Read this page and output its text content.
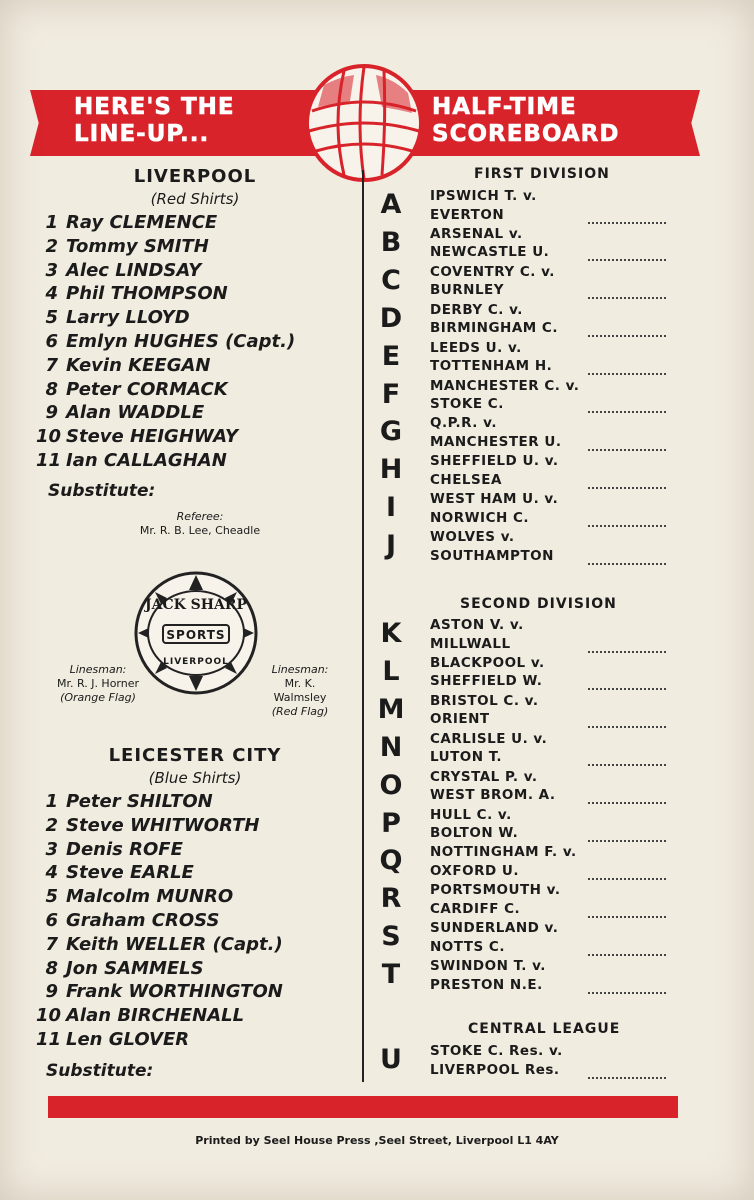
HERE'S THE
LINE-UP...
HALF-TIME
SCOREBOARD
LIVERPOOL
(Red Shirts)
1 Ray CLEMENCE
2 Tommy SMITH
3 Alec LINDSAY
4 Phil THOMPSON
5 Larry LLOYD
6 Emlyn HUGHES (Capt.)
7 Kevin KEEGAN
8 Peter CORMACK
9 Alan WADDLE
10 Steve HEIGHWAY
11 Ian CALLAGHAN
Substitute:
Referee:
Mr. R. B. Lee, Cheadle
JACK SHARP
SPORTS
LIVERPOOL
Linesman:
Mr. R. J. Horner
(Orange Flag)
Linesman:
Mr. K.
Walmsley
(Red Flag)
LEICESTER CITY
(Blue Shirts)
1 Peter SHILTON
2 Steve WHITWORTH
3 Denis ROFE
4 Steve EARLE
5 Malcolm MUNRO
6 Graham CROSS
7 Keith WELLER (Capt.)
8 Jon SAMMELS
9 Frank WORTHINGTON
10 Alan BIRCHENALL
11 Len GLOVER
Substitute:
FIRST DIVISION
A	IPSWICH T. v.
EVERTON
B	ARSENAL v.
NEWCASTLE U.
C	COVENTRY C. v.
BURNLEY
D DERBY C. v.
BIRMINGHAM C.
E	LEEDS U. v.
TOTTENHAM H.
F	MANCHESTER C. v.
STOKE C.
G Q.P.R. v.
MANCHESTER U.
H SHEFFIELD U. v.
CHELSEA
I	WEST HAM U. v.
NORWICH C.
J	WOLVES v.
SOUTHAMPTON
SECOND DIVISION
K	ASTON V. v.
MILLWALL
L	BLACKPOOL v.
SHEFFIELD W.
M BRISTOL C. v.
ORIENT
N CARLISLE U. v.
LUTON T.
O CRYSTAL P. v.
WEST BROM. A.
P	HULL C. v.
BOLTON W.
Q NOTTINGHAM F. v.
OXFORD U.
R	PORTSMOUTH v.
CARDIFF C.
S	SUNDERLAND v.
NOTTS C.
T	SWINDON T. v.
PRESTON N.E.
CENTRAL LEAGUE
U STOKE C. Res. v.
LIVERPOOL Res.
Printed by Seel House Press ,Seel Street, Liverpool L1 4AY
